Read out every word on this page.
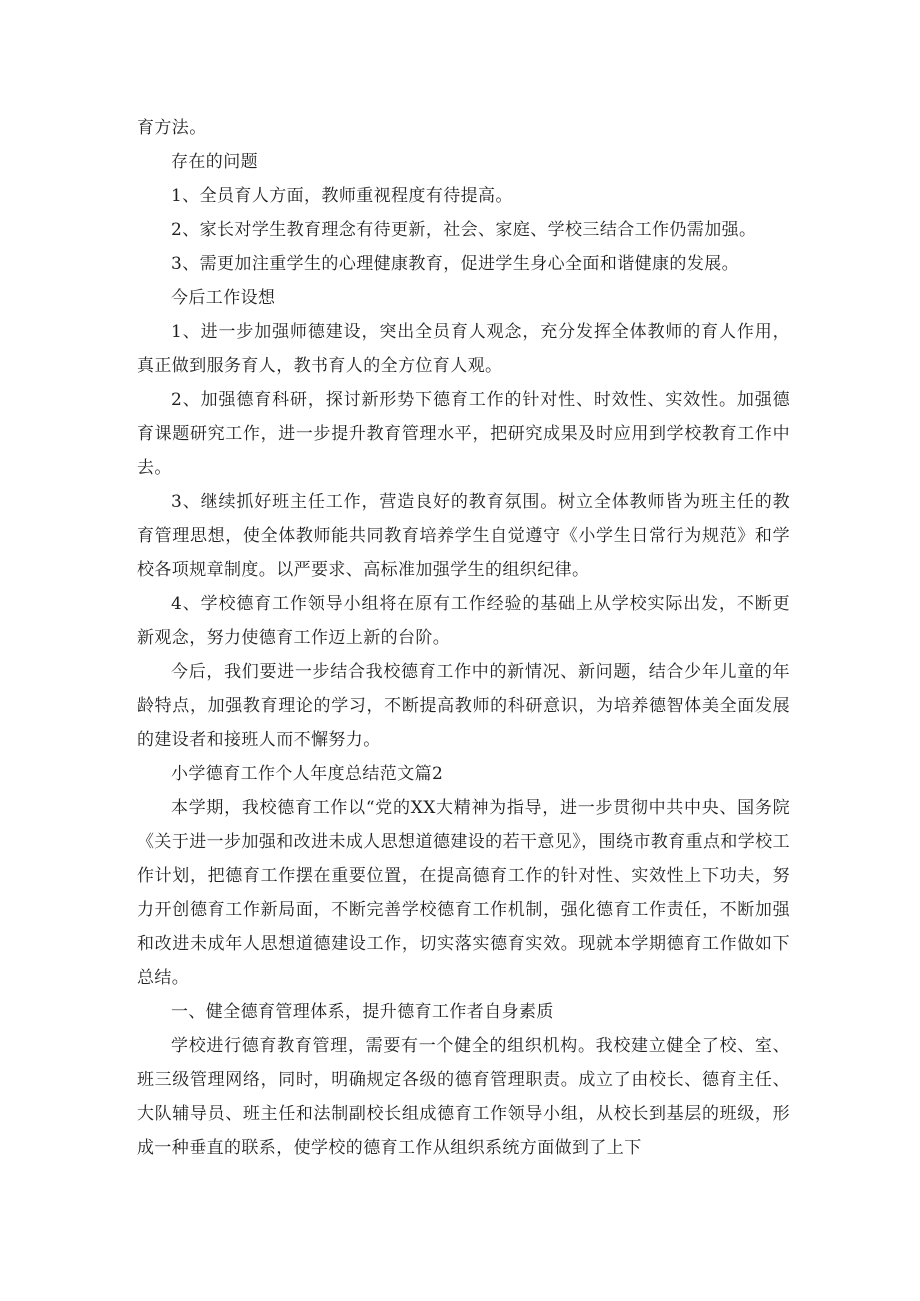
育方法。

存在的问题

1、全员育人方面，教师重视程度有待提高。

2、家长对学生教育理念有待更新，社会、家庭、学校三结合工作仍需加强。

3、需更加注重学生的心理健康教育，促进学生身心全面和谐健康的发展。

今后工作设想

1、进一步加强师德建设，突出全员育人观念，充分发挥全体教师的育人作用，真正做到服务育人，教书育人的全方位育人观。

2、加强德育科研，探讨新形势下德育工作的针对性、时效性、实效性。加强德育课题研究工作，进一步提升教育管理水平，把研究成果及时应用到学校教育工作中去。

3、继续抓好班主任工作，营造良好的教育氛围。树立全体教师皆为班主任的教育管理思想，使全体教师能共同教育培养学生自觉遵守《小学生日常行为规范》和学校各项规章制度。以严要求、高标准加强学生的组织纪律。

4、学校德育工作领导小组将在原有工作经验的基础上从学校实际出发，不断更新观念，努力使德育工作迈上新的台阶。

今后，我们要进一步结合我校德育工作中的新情况、新问题，结合少年儿童的年龄特点，加强教育理论的学习，不断提高教师的科研意识，为培养德智体美全面发展的建设者和接班人而不懈努力。

小学德育工作个人年度总结范文篇2

本学期，我校德育工作以“党的XX大精神为指导，进一步贯彻中共中央、国务院《关于进一步加强和改进未成人思想道德建设的若干意见》，围绕市教育重点和学校工作计划，把德育工作摆在重要位置，在提高德育工作的针对性、实效性上下功夫，努力开创德育工作新局面，不断完善学校德育工作机制，强化德育工作责任，不断加强和改进未成年人思想道德建设工作，切实落实德育实效。现就本学期德育工作做如下总结。

一、健全德育管理体系，提升德育工作者自身素质

学校进行德育教育管理，需要有一个健全的组织机构。我校建立健全了校、室、班三级管理网络，同时，明确规定各级的德育管理职责。成立了由校长、德育主任、大队辅导员、班主任和法制副校长组成德育工作领导小组，从校长到基层的班级，形成一种垂直的联系，使学校的德育工作从组织系统方面做到了上下
